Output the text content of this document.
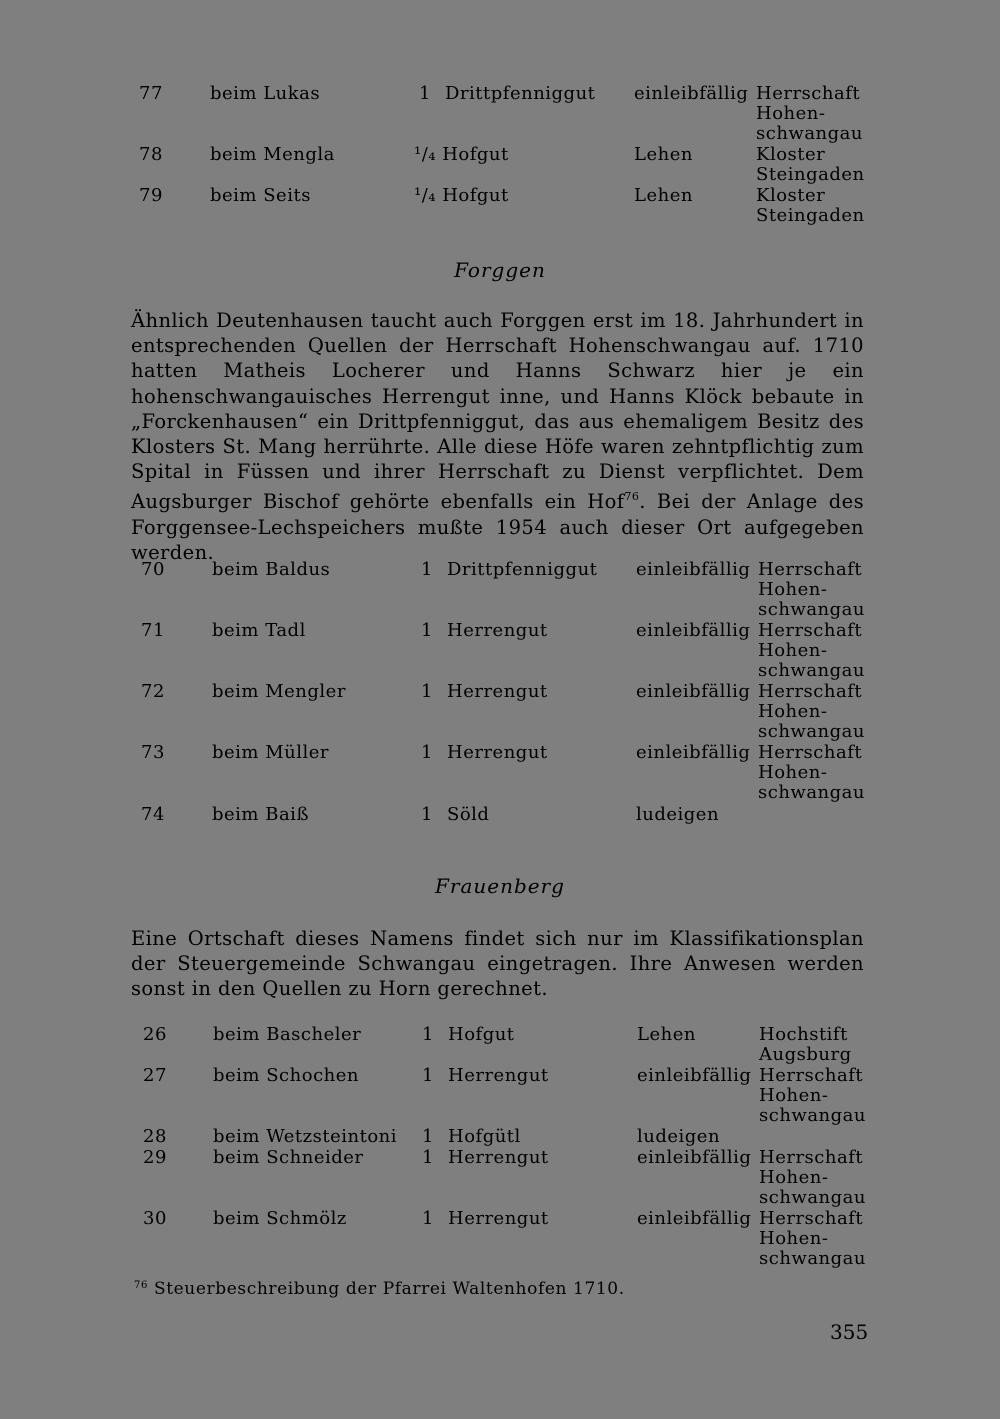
77	beim Lukas	1 Drittpfenniggut einleibfällig Herrschaft
Hohen-
schwangau
78	beim Mengla	¹/₄ Hofgut	Lehen	Kloster
Steingaden
79	beim Seits	¹/₄ Hofgut	Lehen	Kloster
Steingaden
Forggen

Ähnlich Deutenhausen taucht auch Forggen erst im 18. Jahrhundert in entsprechenden Quellen der Herrschaft Hohenschwangau auf. 1710 hatten Matheis Locherer und Hanns Schwarz hier je ein hohenschwangauisches Herrengut inne, und Hanns Klöck bebaute in „Forckenhausen“ ein Drittpfenniggut, das aus ehemaligem Besitz des Klosters St. Mang herrührte. Alle diese Höfe waren zehntpflichtig zum Spital in Füssen und ihrer Herrschaft zu Dienst verpflichtet. Dem Augsburger Bischof gehörte ebenfalls ein Hof$^{76}$. Bei der Anlage des Forggensee-Lechspeichers mußte 1954 auch dieser Ort aufgegeben werden.

70	beim Baldus	1 Drittpfenniggut einleibfällig Herrschaft
Hohen-
schwangau
71	beim Tadl	1 Herrengut	einleibfällig Herrschaft
Hohen-
schwangau
72	beim Mengler	1 Herrengut	einleibfällig Herrschaft
Hohen-
schwangau
73	beim Müller	1 Herrengut	einleibfällig Herrschaft
Hohen-
schwangau
74	beim Baiß	1 Söld	ludeigen
Frauenberg

Eine Ortschaft dieses Namens findet sich nur im Klassifikationsplan der Steuergemeinde Schwangau eingetragen. Ihre Anwesen werden sonst in den Quellen zu Horn gerechnet.

26	beim Bascheler	1 Hofgut	Lehen	Hochstift
Augsburg
27	beim Schochen	1 Herrengut	einleibfällig Herrschaft
Hohen-
schwangau
28	beim Wetzsteintoni 1 Hofgütl	ludeigen
29	beim Schneider	1 Herrengut	einleibfällig Herrschaft
Hohen-
schwangau
30	beim Schmölz	1 Herrengut	einleibfällig Herrschaft
Hohen-
schwangau
$^{76}$ Steuerbeschreibung der Pfarrei Waltenhofen 1710.
355
